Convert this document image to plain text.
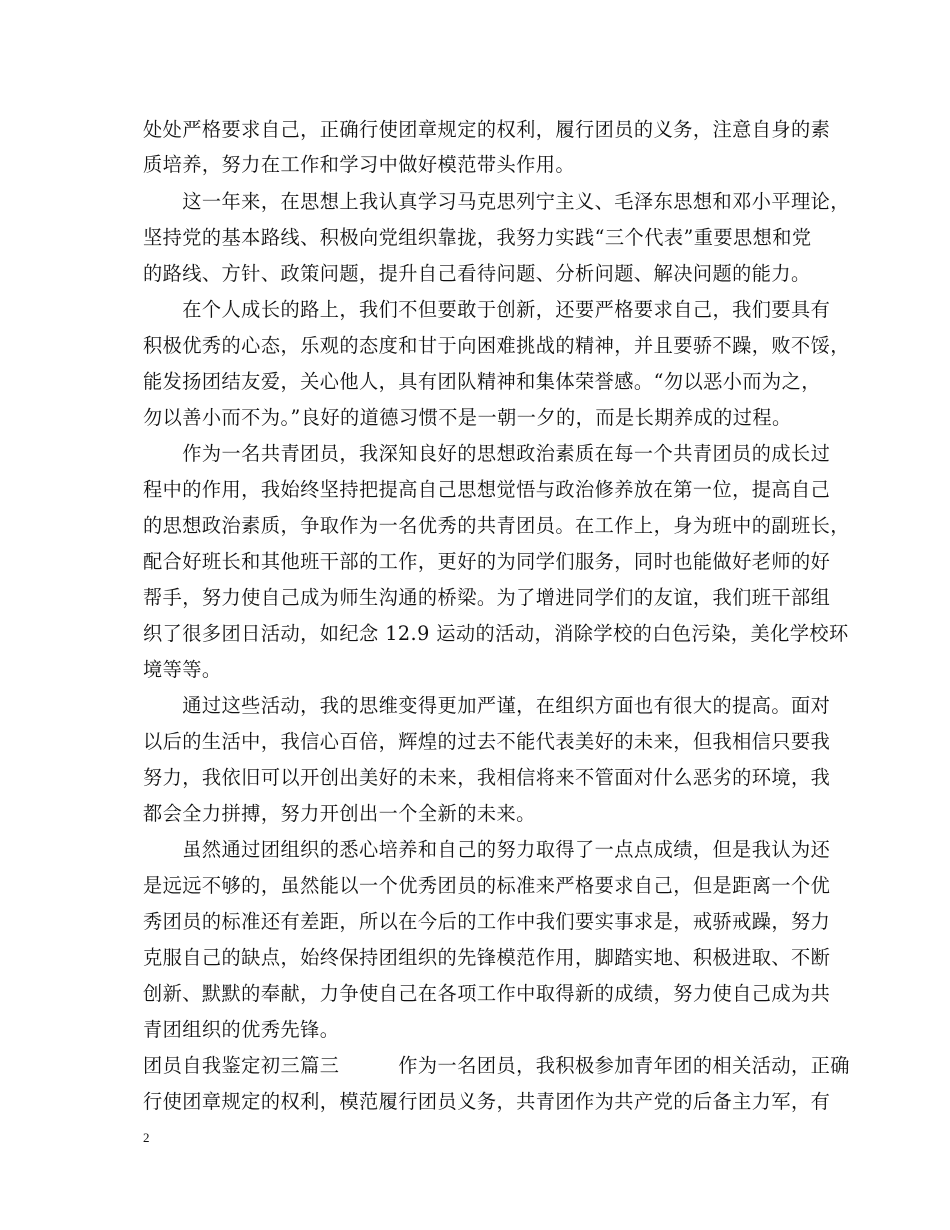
处处严格要求自己，正确行使团章规定的权利，履行团员的义务，注意自身的素

质培养，努力在工作和学习中做好模范带头作用。

　　这一年来，在思想上我认真学习马克思列宁主义、毛泽东思想和邓小平理论，

坚持党的基本路线、积极向党组织靠拢，我努力实践“三个代表”重要思想和党

的路线、方针、政策问题，提升自己看待问题、分析问题、解决问题的能力。

　　在个人成长的路上，我们不但要敢于创新，还要严格要求自己，我们要具有

积极优秀的心态，乐观的态度和甘于向困难挑战的精神，并且要骄不躁，败不馁，

能发扬团结友爱，关心他人，具有团队精神和集体荣誉感。“勿以恶小而为之，

勿以善小而不为。”良好的道德习惯不是一朝一夕的，而是长期养成的过程。

　　作为一名共青团员，我深知良好的思想政治素质在每一个共青团员的成长过

程中的作用，我始终坚持把提高自己思想觉悟与政治修养放在第一位，提高自己

的思想政治素质，争取作为一名优秀的共青团员。在工作上，身为班中的副班长，

配合好班长和其他班干部的工作，更好的为同学们服务，同时也能做好老师的好

帮手，努力使自己成为师生沟通的桥梁。为了增进同学们的友谊，我们班干部组

织了很多团日活动，如纪念 12.9 运动的活动，消除学校的白色污染，美化学校环

境等等。

　　通过这些活动，我的思维变得更加严谨，在组织方面也有很大的提高。面对

以后的生活中，我信心百倍，辉煌的过去不能代表美好的未来，但我相信只要我

努力，我依旧可以开创出美好的未来，我相信将来不管面对什么恶劣的环境，我

都会全力拼搏，努力开创出一个全新的未来。

　　虽然通过团组织的悉心培养和自己的努力取得了一点点成绩，但是我认为还

是远远不够的，虽然能以一个优秀团员的标准来严格要求自己，但是距离一个优

秀团员的标准还有差距，所以在今后的工作中我们要实事求是，戒骄戒躁，努力

克服自己的缺点，始终保持团组织的先锋模范作用，脚踏实地、积极进取、不断

创新、默默的奉献，力争使自己在各项工作中取得新的成绩，努力使自己成为共

青团组织的优秀先锋。

团员自我鉴定初三篇三　　　作为一名团员，我积极参加青年团的相关活动，正确

行使团章规定的权利，模范履行团员义务，共青团作为共产党的后备主力军，有

2
